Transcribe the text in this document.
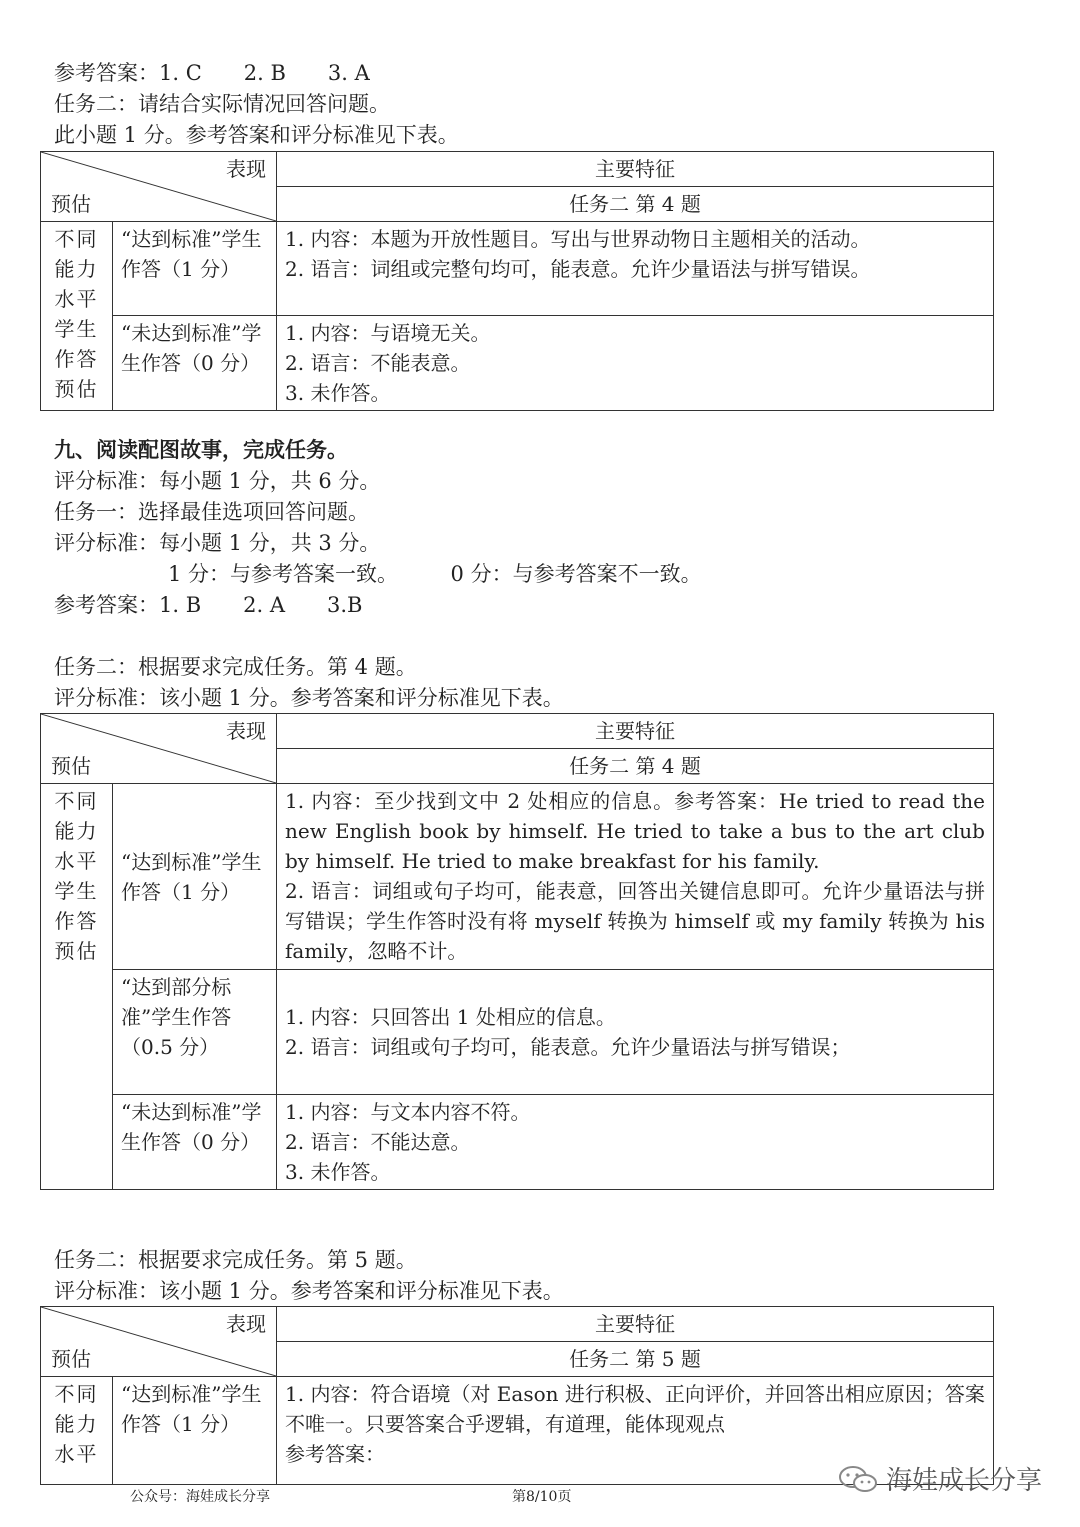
参考答案：1. C　　2. B　　3. A
任务二：请结合实际情况回答问题。
此小题 1 分。参考答案和评分标准见下表。
表现
预估		主要特征
		任务二 第 4 题
不同能力水平学生作答预估	“达到标准”学生作答（1 分）	1. 内容：本题为开放性题目。写出与世界动物日主题相关的活动。

2. 语言：词组或完整句均可，能表意。允许少量语法与拼写错误。

	“未达到标准”学生作答（0 分）	1. 内容：与语境无关。

2. 语言：不能表意。

3. 未作答。

九、阅读配图故事，完成任务。
评分标准：每小题 1 分，共 6 分。
任务一：选择最佳选项回答问题。
评分标准：每小题 1 分，共 3 分。
1 分：与参考答案一致。　　　0 分：与参考答案不一致。
参考答案：1. B　　2. A　　3.B
任务二：根据要求完成任务。第 4 题。
评分标准：该小题 1 分。参考答案和评分标准见下表。
表现
预估		主要特征
		任务二 第 4 题
不同能力水平学生作答预估	“达到标准”学生作答（1 分）	1. 内容：至少找到文中 2 处相应的信息。参考答案：He tried to read the new English book by himself. He tried to take a bus to the art club by himself. He tried to make breakfast for his family.

2. 语言：词组或句子均可，能表意，回答出关键信息即可。允许少量语法与拼写错误；学生作答时没有将 myself 转换为 himself 或 my family 转换为 his family，忽略不计。

	“达到部分标准”学生作答（0.5 分）	1. 内容：只回答出 1 处相应的信息。

2. 语言：词组或句子均可，能表意。允许少量语法与拼写错误；

	“未达到标准”学生作答（0 分）	1. 内容：与文本内容不符。

2. 语言：不能达意。

3. 未作答。

任务二：根据要求完成任务。第 5 题。
评分标准：该小题 1 分。参考答案和评分标准见下表。
表现
预估		主要特征
		任务二 第 5 题
不同能力水平	“达到标准”学生作答（1 分）	1. 内容：符合语境（对 Eason 进行积极、正向评价，并回答出相应原因；答案不唯一。只要答案合乎逻辑，有道理，能体现观点

参考答案：

公众号：海娃成长分享	第8/10页
海娃成长分享
